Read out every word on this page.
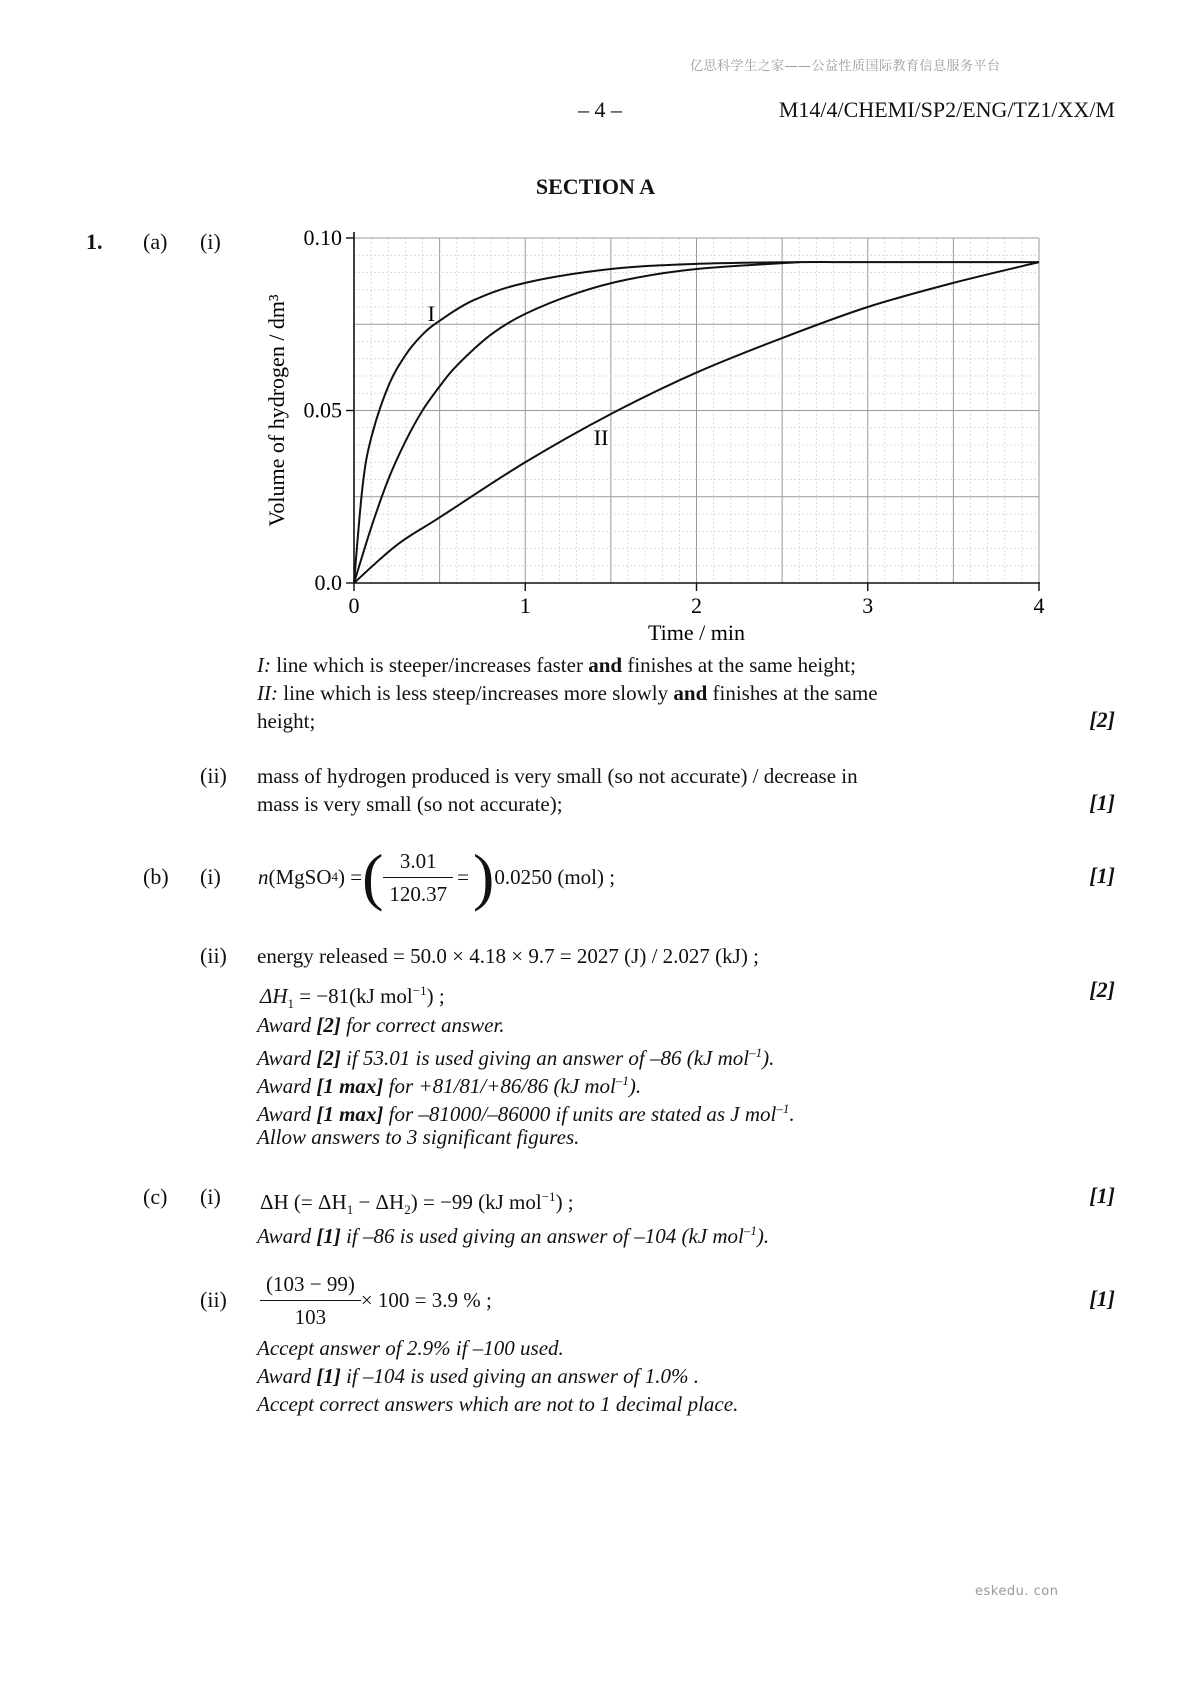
亿思科学生之家——公益性质国际教育信息服务平台
– 4 –	M14/4/CHEMI/SP2/ENG/TZ1/XX/M
SECTION A
1. (a) (i)
0	1	2	3	4
0.0
0.05
0.10
Time / min
Volume of hydrogen / dm³	I
II
I: line which is steeper/increases faster and finishes at the same height;
II: line which is less steep/increases more slowly and finishes at the same
height;	[2]
(ii) mass of hydrogen produced is very small (so not accurate) / decrease in
mass is very small (so not accurate);	[1]
(b) (i) n (MgSO 4 ) = ( $\frac{3.01}{120.37}$ = ) 0.0250 (mol) ;	[1]
(ii) energy released = 50.0 × 4.18 × 9.7 = 2027 (J) / 2.027 (kJ) ;
$\Delta H_1 = -81(kJ$ mol$^{-1}$) ;	[2]
Award [2] for correct answer.
Award [2] if 53.01 is used giving an answer of –86 (kJ mol$^{-1}$).
Award [1 max] for +81/81/+86/86 (kJ mol$^{-1}$).
Award [1 max] for –81000/–86000 if units are stated as J mol$^{-1}$.
Allow answers to 3 significant figures.
(c) (i) ΔH (= $\Delta H_1 - \Delta H_2) = -99$ (kJ mol$^{-1}$) ;	[1]
Award [1] if –86 is used giving an answer of –104 (kJ mol$^{-1}$).
$(ii) \frac{(103 - 99)}{103} \times 100 = 3.9$ % ;	[1]
Accept answer of 2.9% if –100 used.
Award [1] if –104 is used giving an answer of 1.0% .
Accept correct answers which are not to 1 decimal place.
eskedu. con
